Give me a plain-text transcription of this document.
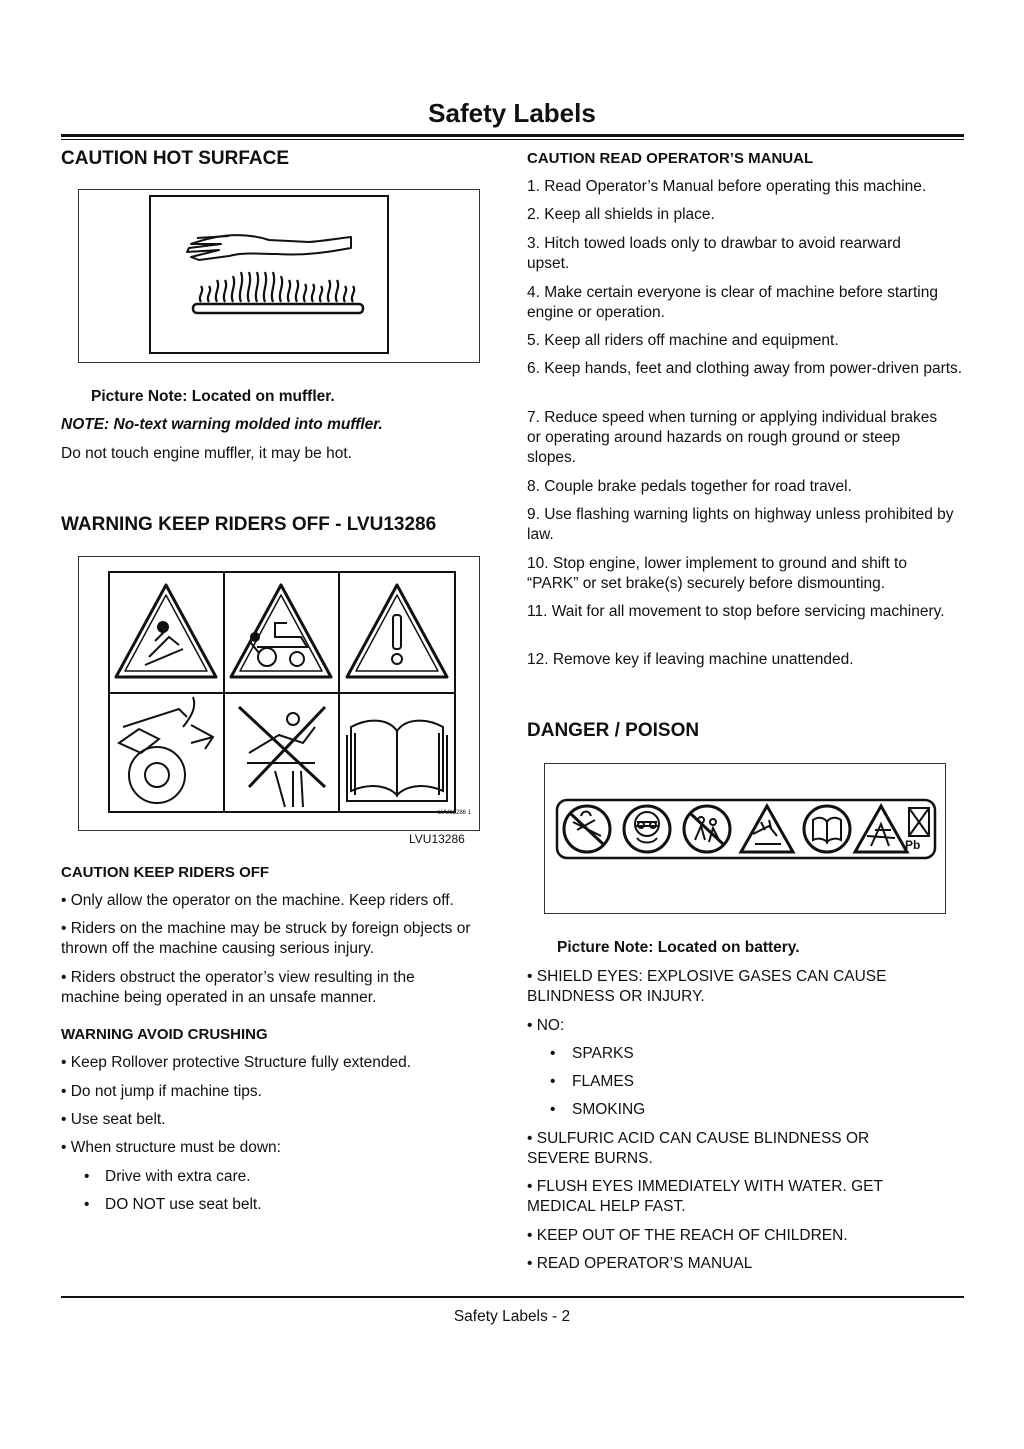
Safety Labels
CAUTION HOT SURFACE
Picture Note: Located on muffler.
NOTE: No-text warning molded into muffler.
Do not touch engine muffler, it may be hot.
WARNING KEEP RIDERS OFF - LVU13286
LVU13286 1
LVU13286
CAUTION KEEP RIDERS OFF
• Only allow the operator on the machine. Keep riders off.
• Riders on the machine may be struck by foreign objects or thrown off the machine causing serious injury.
• Riders obstruct the operator’s view resulting in the machine being operated in an unsafe manner.
WARNING AVOID CRUSHING
• Keep Rollover protective Structure fully extended.
• Do not jump if machine tips.
• Use seat belt.
• When structure must be down:
• Drive with extra care.
• DO NOT use seat belt.
CAUTION READ OPERATOR’S MANUAL
1. Read Operator’s Manual before operating this machine.
2. Keep all shields in place.
3. Hitch towed loads only to drawbar to avoid rearward upset.
4. Make certain everyone is clear of machine before starting engine or operation.
5. Keep all riders off machine and equipment.
6. Keep hands, feet and clothing away from power-driven parts.
7. Reduce speed when turning or applying individual brakes or operating around hazards on rough ground or steep slopes.
8. Couple brake pedals together for road travel.
9. Use flashing warning lights on highway unless prohibited by law.
10. Stop engine, lower implement to ground and shift to “PARK” or set brake(s) securely before dismounting.
11. Wait for all movement to stop before servicing machinery.
12. Remove key if leaving machine unattended.
DANGER / POISON
Pb
Picture Note: Located on battery.
• SHIELD EYES: EXPLOSIVE GASES CAN CAUSE BLINDNESS OR INJURY.
• NO:
• SPARKS
• FLAMES
• SMOKING
• SULFURIC ACID CAN CAUSE BLINDNESS OR SEVERE BURNS.
• FLUSH EYES IMMEDIATELY WITH WATER. GET MEDICAL HELP FAST.
• KEEP OUT OF THE REACH OF CHILDREN.
• READ OPERATOR’S MANUAL
Safety Labels - 2
